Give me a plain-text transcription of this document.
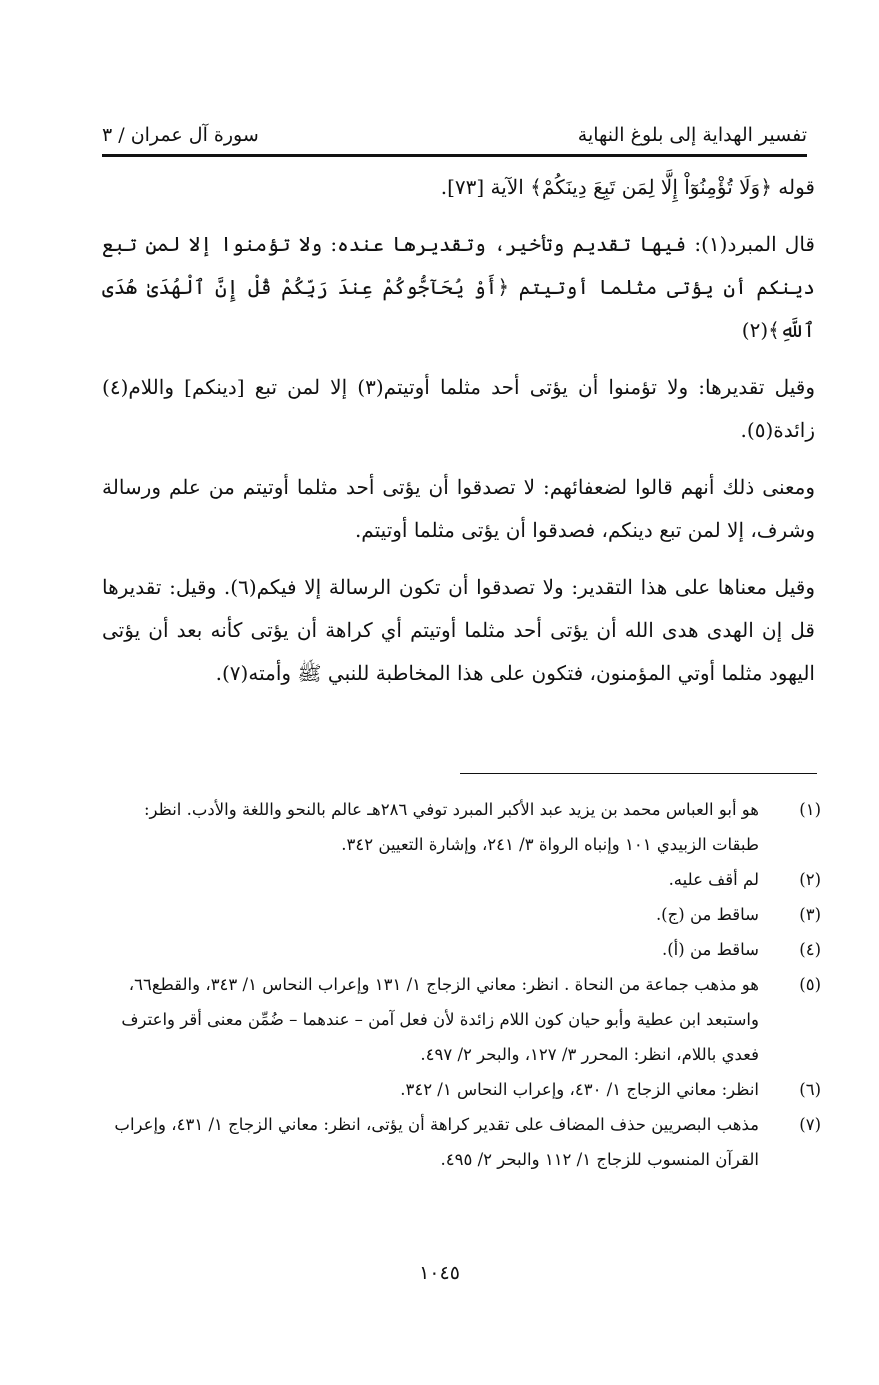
تفسير الهداية إلى بلوغ النهاية
سورة آل عمران / ٣

قوله ﴿وَلَا تُؤْمِنُوٓاْ إِلَّا لِمَن تَبِعَ دِينَكُمْ﴾ الآية [٧٣].

قال المبرد(١): فيها تقديم وتأخير، وتقديرها عنده: ولا تؤمنوا إلا لمن تبع دينكم أن يؤتى مثلما أوتيتم ﴿أَوْ يُحَآجُّوكُمْ عِندَ رَبِّكُمْ قُلْ إِنَّ ٱلْهُدَىٰ هُدَى ٱللَّهِ﴾(٢)

وقيل تقديرها: ولا تؤمنوا أن يؤتى أحد مثلما أوتيتم(٣) إلا لمن تبع [دينكم] واللام(٤) زائدة(٥).

ومعنى ذلك أنهم قالوا لضعفائهم: لا تصدقوا أن يؤتى أحد مثلما أوتيتم من علم ورسالة وشرف، إلا لمن تبع دينكم، فصدقوا أن يؤتى مثلما أوتيتم.

وقيل معناها على هذا التقدير: ولا تصدقوا أن تكون الرسالة إلا فيكم(٦). وقيل: تقديرها قل إن الهدى هدى الله أن يؤتى أحد مثلما أوتيتم أي كراهة أن يؤتى كأنه بعد أن يؤتى اليهود مثلما أوتي المؤمنون، فتكون على هذا المخاطبة للنبي ﷺ وأمته(٧).

(١)
هو أبو العباس محمد بن يزيد عبد الأكبر المبرد توفي ٢٨٦هـ عالم بالنحو واللغة والأدب. انظر: طبقات الزبيدي ١٠١ وإنباه الرواة ٣/ ٢٤١، وإشارة التعيين ٣٤٢.
(٢)
لم أقف عليه.
(٣)
ساقط من (ج).
(٤)
ساقط من (أ).
(٥)
هو مذهب جماعة من النحاة . انظر: معاني الزجاج ١/ ١٣١ وإعراب النحاس ١/ ٣٤٣، والقطع٦٦، واستبعد ابن عطية وأبو حيان كون اللام زائدة لأن فعل آمن – عندهما – ضُمِّن معنى أقر واعترف فعدي باللام، انظر: المحرر ٣/ ١٢٧، والبحر ٢/ ٤٩٧.
(٦)
انظر: معاني الزجاج ١/ ٤٣٠، وإعراب النحاس ١/ ٣٤٢.
(٧)
مذهب البصريين حذف المضاف على تقدير كراهة أن يؤتى، انظر: معاني الزجاج ١/ ٤٣١، وإعراب القرآن المنسوب للزجاج ١/ ١١٢ والبحر ٢/ ٤٩٥.
١٠٤٥
